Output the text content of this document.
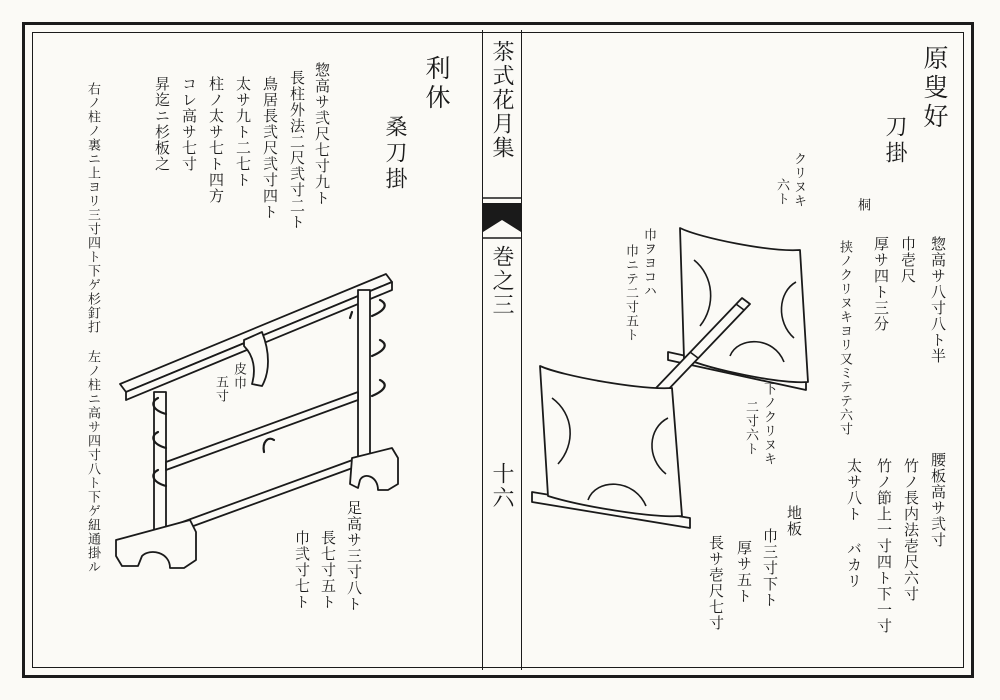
茶式花月集
巻之三
十六
利休
桑刀掛
惣高サ弐尺七寸九ト
長柱外法二尺弐寸二ト
鳥居長弐尺弐寸四ト
太サ九ト二七ト
柱ノ太サ七ト四方
コレ高サ七寸
昇迄ニ杉板之
右ノ柱ノ裏ニ上ヨリ三寸四ト下ゲ杉釘打 左ノ柱ニ高サ四寸八ト下ゲ紐通掛ル	皮巾
五寸
足高サ三寸八ト
長七寸五ト
巾弐寸七ト
原叟好
刀掛
桐
惣高サ八寸八ト半
巾壱尺
厚サ四ト三分
挟ノクリヌキヨリ又ミテテ六寸
クリヌキ
六ト
巾ヲヨコハ
巾ニテ二寸五ト
下ノクリヌキ
二寸六ト
腰板高サ弐寸
竹ノ長内法壱尺六寸
竹ノ節上一寸四ト下一寸
太サ八ト バカリ
地板
巾三寸下ト
厚サ五ト
長サ壱尺七寸
